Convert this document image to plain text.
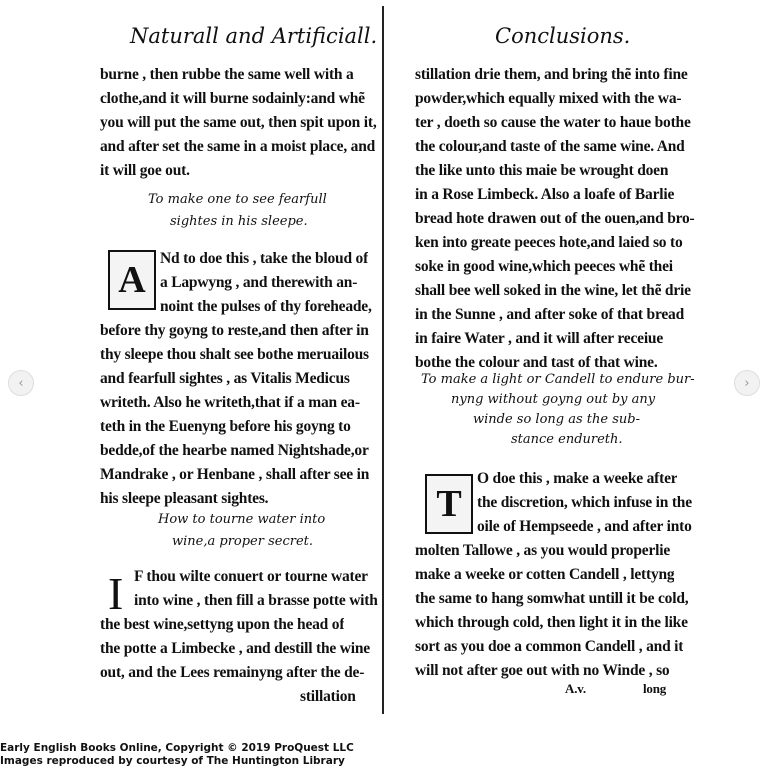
Naturall and Artificiall.
burne , then rubbe the same well with a
clothe,and it will burne sodainly:and whẽ
you will put the same out, then spit upon it,
and after set the same in a moist place, and
it will goe out.
To make one to see fearfull
sightes in his sleepe.
A
Nd to doe this , take the bloud of
a Lapwyng , and therewith an-
noint the pulses of thy foreheade,
before thy goyng to reste,and then after in
thy sleepe thou shalt see bothe meruailous
and fearfull sightes , as Vitalis Medicus
writeth. Also he writeth,that if a man ea-
teth in the Euenyng before his goyng to
bedde,of the hearbe named Nightshade,or
Mandrake , or Henbane , shall after see in
his sleepe pleasant sightes.
How to tourne water into
wine,a proper secret.
I F thou wilte conuert or tourne water
into wine , then fill a brasse potte with
the best wine,settyng upon the head of
the potte a Limbecke , and destill the wine
out, and the Lees remainyng after the de-
stillation
Conclusions.
stillation drie them, and bring thẽ into fine
powder,which equally mixed with the wa-
ter , doeth so cause the water to haue bothe
the colour,and taste of the same wine. And
the like unto this maie be wrought doen
in a Rose Limbeck. Also a loafe of Barlie
bread hote drawen out of the ouen,and bro-
ken into greate peeces hote,and laied so to
soke in good wine,which peeces whẽ thei
shall bee well soked in the wine, let thẽ drie
in the Sunne , and after soke of that bread
in faire Water , and it will after receiue
bothe the colour and tast of that wine.
To make a light or Candell to endure bur-
nyng without goyng out by any
winde so long as the sub-
stance endureth.
T
O doe this , make a weeke after
the discretion, which infuse in the
oile of Hempseede , and after into
molten Tallowe , as you would properlie
make a weeke or cotten Candell , lettyng
the same to hang somwhat untill it be cold,
which through cold, then light it in the like
sort as you doe a common Candell , and it
will not after goe out with no Winde , so
A.v.	long
‹	›
Early English Books Online, Copyright © 2019 ProQuest LLC
Images reproduced by courtesy of The Huntington Library
